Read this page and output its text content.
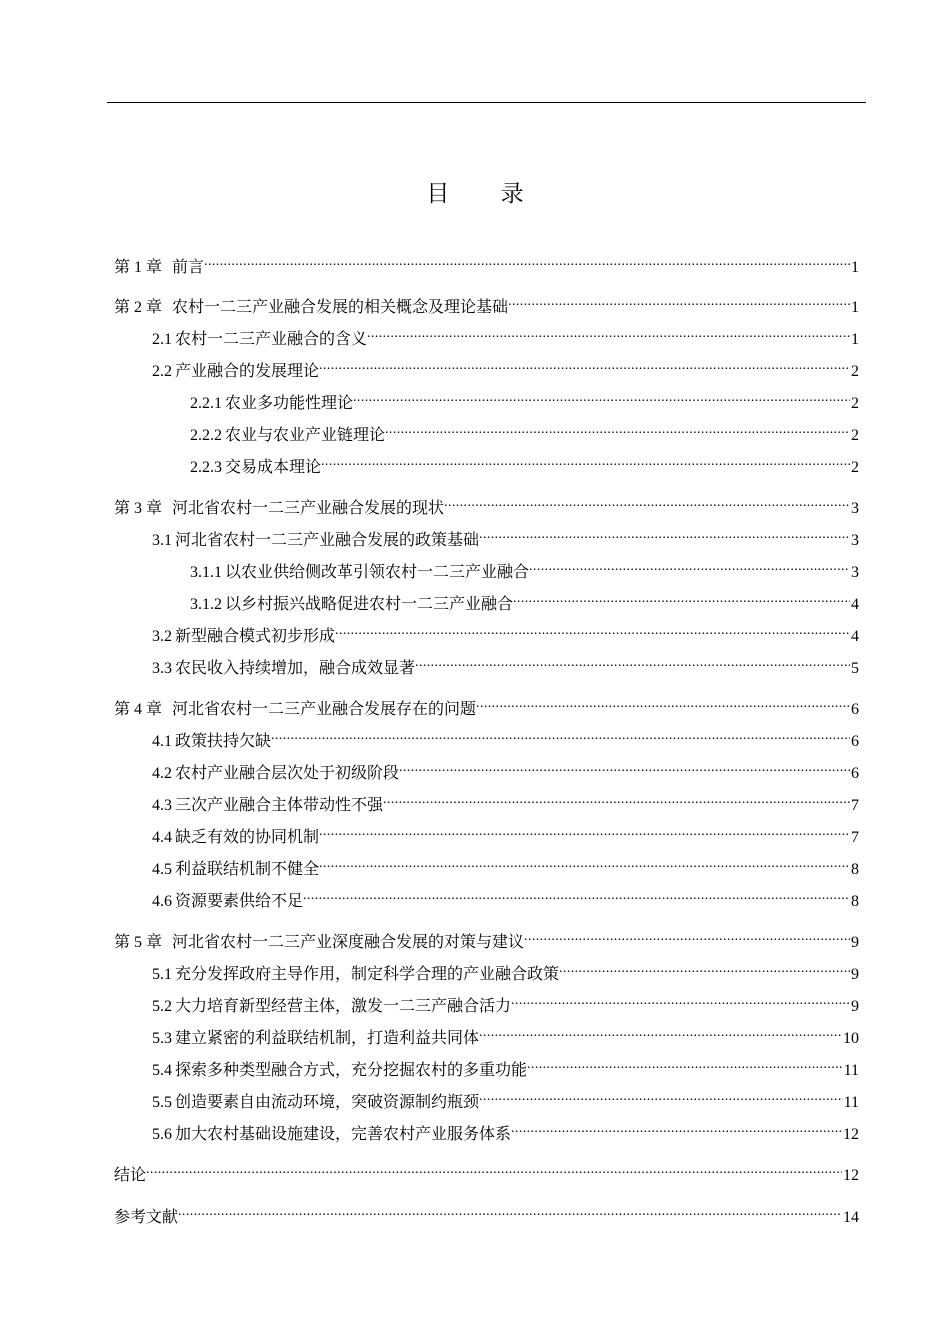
目 录
第 1 章 前言 .....	1
第 2 章 农村一二三产业融合发展的相关概念及理论基础 .....	1
2.1 农村一二三产业融合的含义 .....	1
2.2 产业融合的发展理论 .....	2
2.2.1 农业多功能性理论 .....	2
2.2.2 农业与农业产业链理论 .....	2
2.2.3 交易成本理论 .....	2
第 3 章 河北省农村一二三产业融合发展的现状 .....	3
3.1 河北省农村一二三产业融合发展的政策基础 .....	3
3.1.1 以农业供给侧改革引领农村一二三产业融合 .....	3
3.1.2 以乡村振兴战略促进农村一二三产业融合 .....	4
3.2 新型融合模式初步形成 .....	4
3.3 农民收入持续增加，融合成效显著 .....	5
第 4 章 河北省农村一二三产业融合发展存在的问题 .....	6
4.1 政策扶持欠缺 .....	6
4.2 农村产业融合层次处于初级阶段 .....	6
4.3 三次产业融合主体带动性不强 .....	7
4.4 缺乏有效的协同机制 .....	7
4.5 利益联结机制不健全 .....	8
4.6 资源要素供给不足 .....	8
第 5 章 河北省农村一二三产业深度融合发展的对策与建议 .....	9
5.1 充分发挥政府主导作用，制定科学合理的产业融合政策 .....	9
5.2 大力培育新型经营主体，激发一二三产融合活力 .....	9
5.3 建立紧密的利益联结机制，打造利益共同体 .....	10
5.4 探索多种类型融合方式，充分挖掘农村的多重功能 .....	11
5.5 创造要素自由流动环境，突破资源制约瓶颈 .....	11
5.6 加大农村基础设施建设，完善农村产业服务体系 .....	12
结论 .....	12
参考文献 .....	14
